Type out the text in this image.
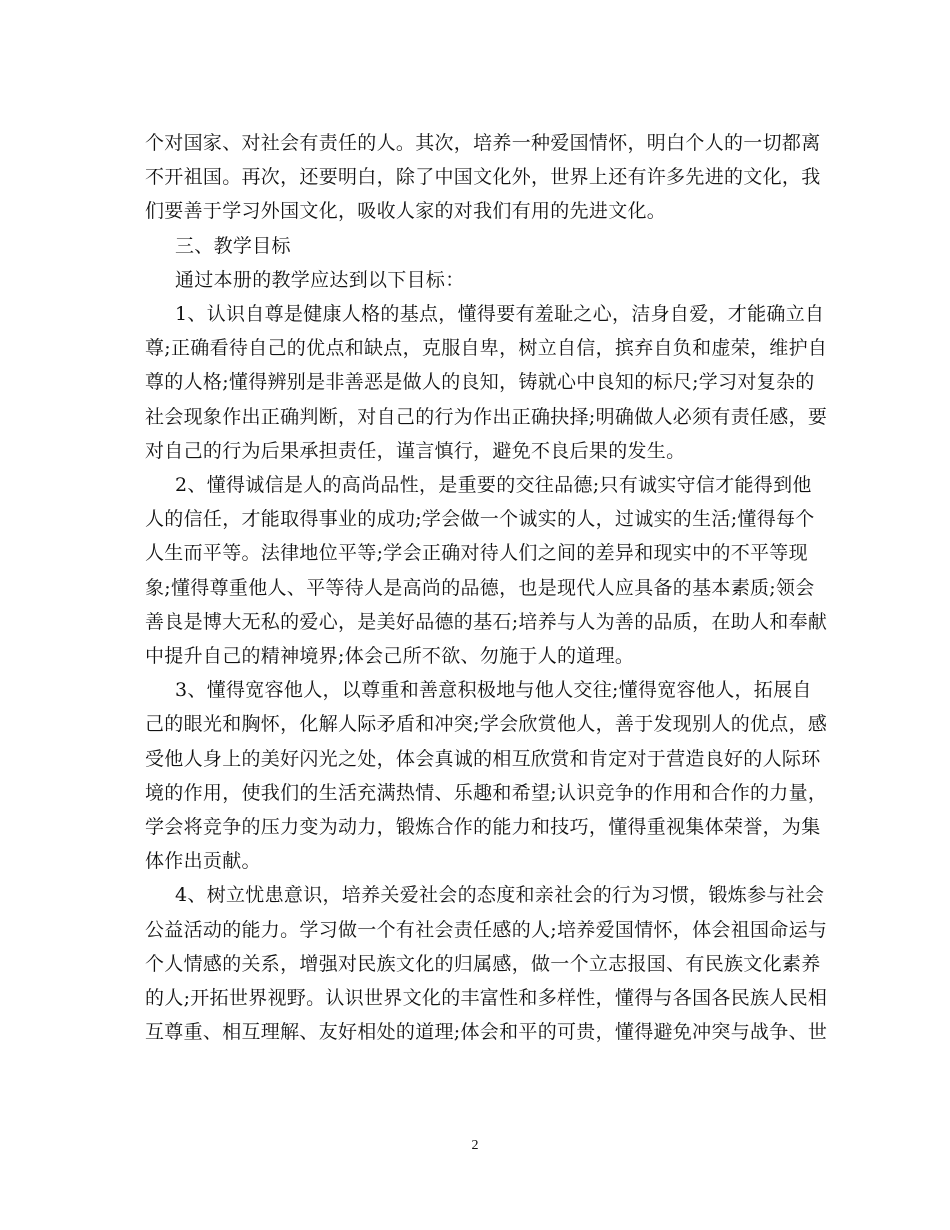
个对国家、对社会有责任的人。其次，培养一种爱国情怀，明白个人的一切都离
不开祖国。再次，还要明白，除了中国文化外，世界上还有许多先进的文化，我
们要善于学习外国文化，吸收人家的对我们有用的先进文化。

三、教学目标

通过本册的教学应达到以下目标：

1、认识自尊是健康人格的基点，懂得要有羞耻之心，洁身自爱，才能确立自
尊;正确看待自己的优点和缺点，克服自卑，树立自信，摈弃自负和虚荣，维护自
尊的人格;懂得辨别是非善恶是做人的良知，铸就心中良知的标尺;学习对复杂的
社会现象作出正确判断，对自己的行为作出正确抉择;明确做人必须有责任感，要
对自己的行为后果承担责任，谨言慎行，避免不良后果的发生。

2、懂得诚信是人的高尚品性，是重要的交往品德;只有诚实守信才能得到他
人的信任，才能取得事业的成功;学会做一个诚实的人，过诚实的生活;懂得每个
人生而平等。法律地位平等;学会正确对待人们之间的差异和现实中的不平等现
象;懂得尊重他人、平等待人是高尚的品德，也是现代人应具备的基本素质;领会
善良是博大无私的爱心，是美好品德的基石;培养与人为善的品质，在助人和奉献
中提升自己的精神境界;体会己所不欲、勿施于人的道理。

3、懂得宽容他人，以尊重和善意积极地与他人交往;懂得宽容他人，拓展自
己的眼光和胸怀，化解人际矛盾和冲突;学会欣赏他人，善于发现别人的优点，感
受他人身上的美好闪光之处，体会真诚的相互欣赏和肯定对于营造良好的人际环
境的作用，使我们的生活充满热情、乐趣和希望;认识竞争的作用和合作的力量，
学会将竞争的压力变为动力，锻炼合作的能力和技巧，懂得重视集体荣誉，为集
体作出贡献。

4、树立忧患意识，培养关爱社会的态度和亲社会的行为习惯，锻炼参与社会
公益活动的能力。学习做一个有社会责任感的人;培养爱国情怀，体会祖国命运与
个人情感的关系，增强对民族文化的归属感，做一个立志报国、有民族文化素养
的人;开拓世界视野。认识世界文化的丰富性和多样性，懂得与各国各民族人民相
互尊重、相互理解、友好相处的道理;体会和平的可贵，懂得避免冲突与战争、世

2
